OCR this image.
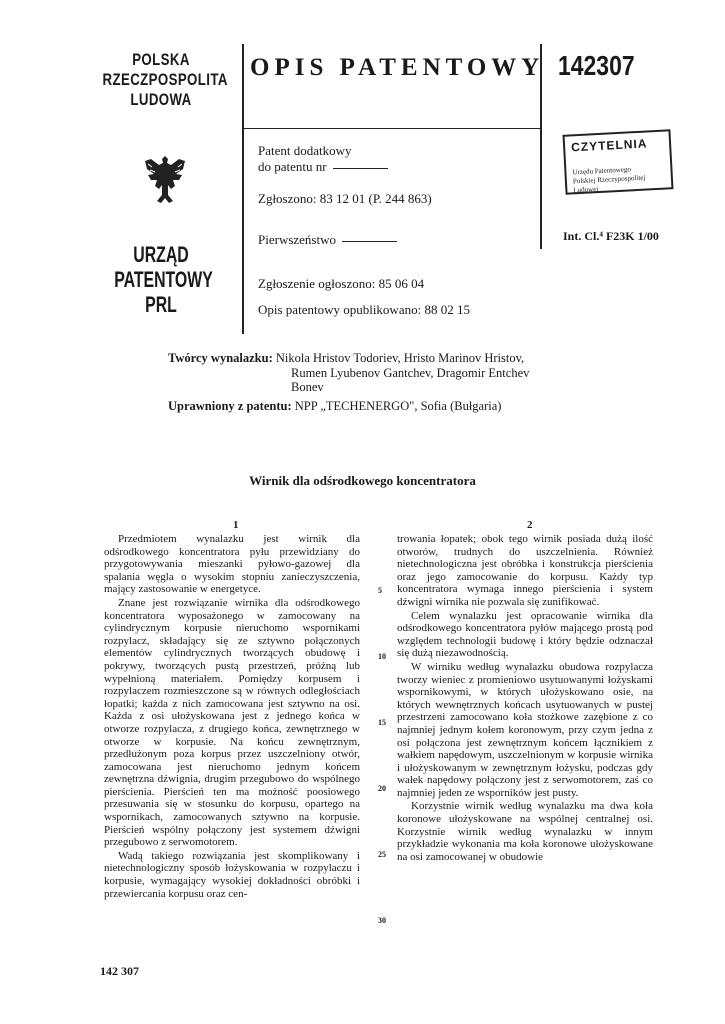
POLSKA
RZECZPOSPOLITA
LUDOWA
URZĄD
PATENTOWY
PRL
OPIS PATENTOWY 142307
Patent dodatkowy
do patentu nr
Zgłoszono: 83 12 01 (P. 244 863)
Pierwszeństwo
Zgłoszenie ogłoszono: 85 06 04
Opis patentowy opublikowano: 88 02 15
CZYTELNIA
Urzędu Patentowego
Polskiej Rzeczypospolitej Ludowej
Int. Cl.⁴ F23K 1/00
Twórcy wynalazku: Nikola Hristov Todoriev, Hristo Marinov Hristov,
Rumen Lyubenov Gantchev, Dragomir Entchev
Bonev
Uprawniony z patentu: NPP „TECHENERGO", Sofia (Bułgaria)
Wirnik dla odśrodkowego koncentratora
1	2

Przedmiotem wynalazku jest wirnik dla odśrodkowego koncentratora pyłu przewidziany do przygotowywania mieszanki pyłowo-gazowej dla spalania węgla o wysokim stopniu zanieczyszczenia, mający zastosowanie w energetyce.

Znane jest rozwiązanie wirnika dla odśrodkowego koncentratora wyposażonego w zamocowany na cylindrycznym korpusie nieruchomo wspornikami rozpylacz, składający się ze sztywno połączonych elementów cylindrycznych tworzących obudowę i pokrywy, tworzących pustą przestrzeń, próżną lub wypełnioną materiałem. Pomiędzy korpusem i rozpylaczem rozmieszczone są w równych odległościach łopatki; każda z nich zamocowana jest sztywno na osi. Każda z osi ułożyskowana jest z jednego końca w otworze rozpylacza, z drugiego końca, zewnętrznego w otworze w korpusie. Na końcu zewnętrznym, przedłużonym poza korpus przez uszczelniony otwór, zamocowana jest nieruchomo jednym końcem zewnętrzna dźwignia, drugim przegubowo do wspólnego pierścienia. Pierścień ten ma możność poosiowego przesuwania się w stosunku do korpusu, opartego na wspornikach, zamocowanych sztywno na korpusie. Pierścień wspólny połączony jest systemem dźwigni przegubowo z serwomotorem.

Wadą takiego rozwiązania jest skomplikowany i nietechnologiczny sposób łożyskowania w rozpylaczu i korpusie, wymagający wysokiej dokładności obróbki i przewiercania korpusu oraz cen-

5
10
15
20
25
30

trowania łopatek; obok tego wirnik posiada dużą ilość otworów, trudnych do uszczelnienia. Również nietechnologiczna jest obróbka i konstrukcja pierścienia oraz jego zamocowanie do korpusu. Każdy typ koncentratora wymaga innego pierścienia i system dźwigni wirnika nie pozwala się zunifikować.

Celem wynalazku jest opracowanie wirnika dla odśrodkowego koncentratora pyłów mającego prostą pod względem technologii budowę i który będzie odznaczał się dużą niezawodnością.

W wirniku według wynalazku obudowa rozpylacza tworzy wieniec z promieniowo usytuowanymi łożyskami wspornikowymi, w których ułożyskowano osie, na których wewnętrznych końcach usytuowanych w pustej przestrzeni zamocowano koła stożkowe zazębione z co najmniej jednym kołem koronowym, przy czym jedna z osi połączona jest zewnętrznym końcem łącznikiem z wałkiem napędowym, uszczelnionym w korpusie wirnika i ułożyskowanym w zewnętrznym łożysku, podczas gdy wałek napędowy połączony jest z serwomotorem, zaś co najmniej jeden ze wsporników jest pusty.

Korzystnie wirnik według wynalazku ma dwa koła koronowe ułożyskowane na wspólnej centralnej osi. Korzystnie wirnik według wynalazku w innym przykładzie wykonania ma koła koronowe ułożyskowane na osi zamocowanej w obudowie

142 307
